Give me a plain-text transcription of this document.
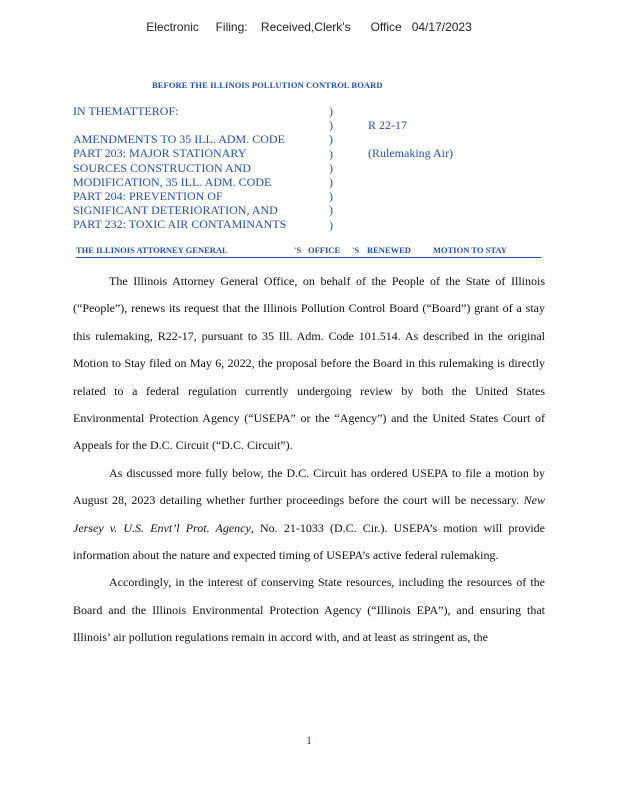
Electronic     Filing:    Received,Clerk's      Office   04/17/2023
BEFORE THE ILLINOIS POLLUTION CONTROL BOARD
IN THEMATTEROF:
AMENDMENTS TO 35 ILL. ADM. CODE
PART 203: MAJOR STATIONARY
SOURCES CONSTRUCTION AND
MODIFICATION, 35 ILL. ADM. CODE
PART 204: PREVENTION OF
SIGNIFICANT DETERIORATION, AND
PART 232: TOXIC AIR CONTAMINANTS
)
)
)
)
)
)
)
)
)
R 22-17
(Rulemaking Air)
THE ILLINOIS ATTORNEY GENERAL	'S OFFICE 'S RENEWED	MOTION TO STAY

The Illinois Attorney General Office, on behalf of the People of the State of Illinois (“People”), renews its request that the Illinois Pollution Control Board (“Board”) grant of a stay this rulemaking, R22-17, pursuant to 35 Ill. Adm. Code 101.514. As described in the original Motion to Stay filed on May 6, 2022, the proposal before the Board in this rulemaking is directly related to a federal regulation currently undergoing review by both the United States Environmental Protection Agency (“USEPA” or the “Agency”) and the United States Court of Appeals for the D.C. Circuit (“D.C. Circuit”).

As discussed more fully below, the D.C. Circuit has ordered USEPA to file a motion by August 28, 2023 detailing whether further proceedings before the court will be necessary. New Jersey v. U.S. Envt’l Prot. Agency, No. 21-1033 (D.C. Cir.). USEPA’s motion will provide information about the nature and expected timing of USEPA’s active federal rulemaking.

Accordingly, in the interest of conserving State resources, including the resources of the Board and the Illinois Environmental Protection Agency (“Illinois EPA”), and ensuring that Illinois’ air pollution regulations remain in accord with, and at least as stringent as, the

1
